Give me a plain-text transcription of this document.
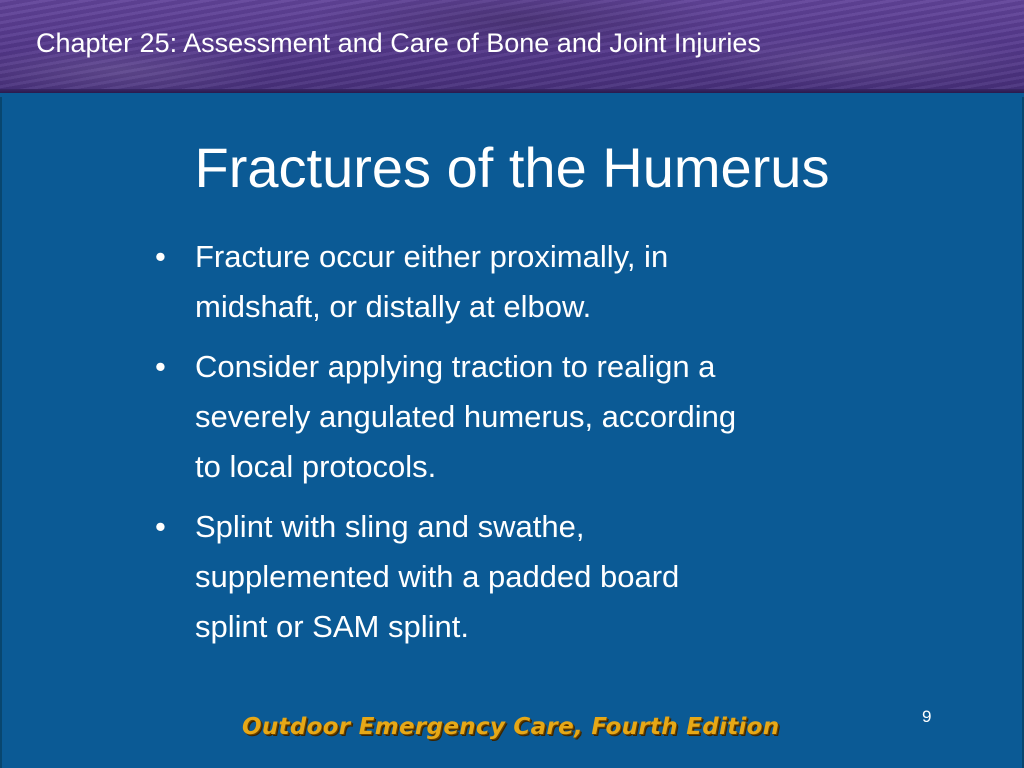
Chapter 25: Assessment and Care of Bone and Joint Injuries
Fractures of the Humerus
• Fracture occur either proximally, in
midshaft, or distally at elbow.
• Consider applying traction to realign a
severely angulated humerus, according
to local protocols.
• Splint with sling and swathe,
supplemented with a padded board
splint or SAM splint.
9
Outdoor Emergency Care, Fourth Edition
